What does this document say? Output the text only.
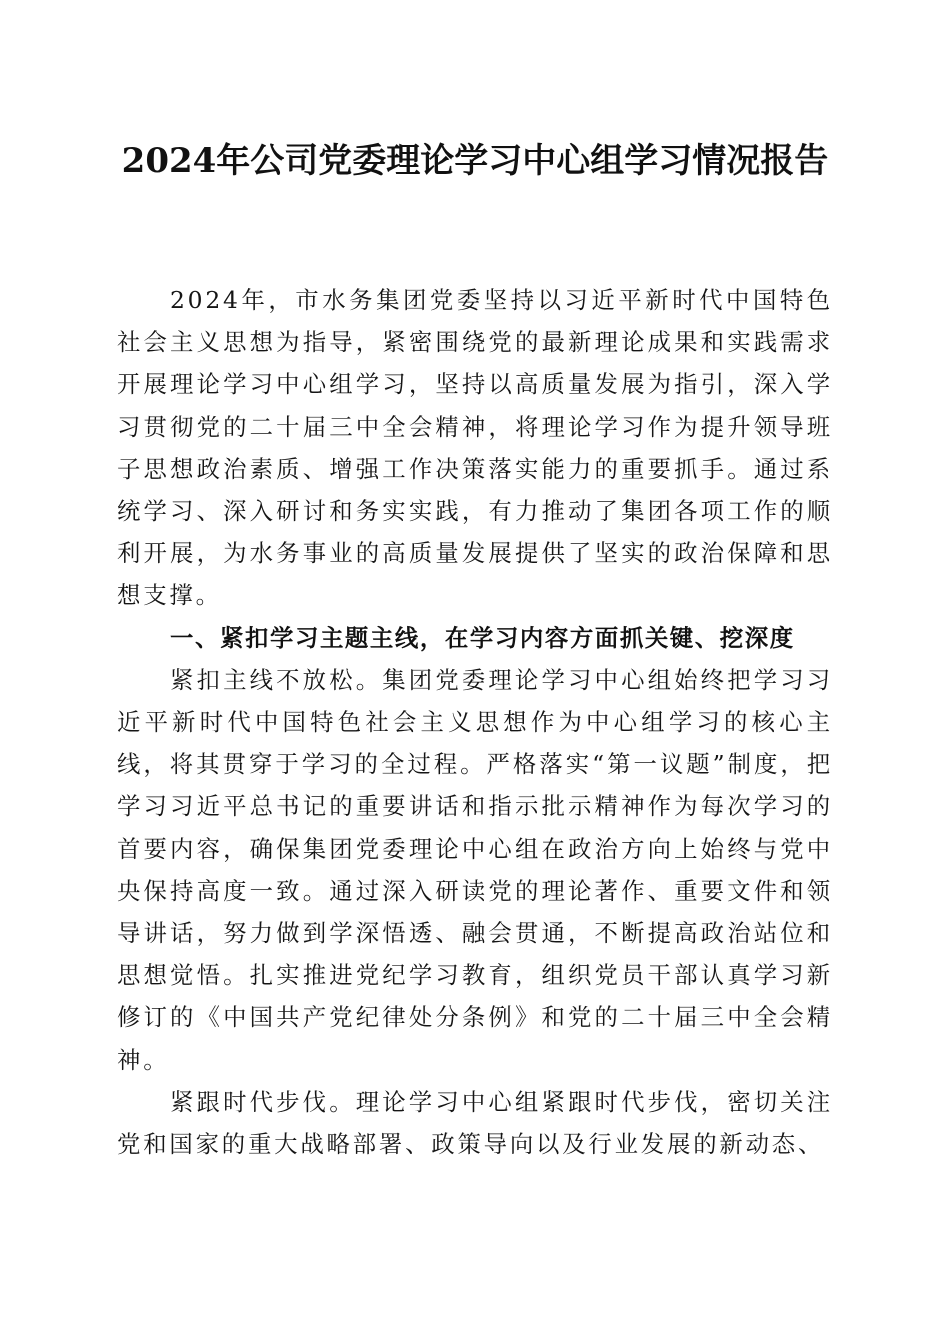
2024年公司党委理论学习中心组学习情况报告

2024年，市水务集团党委坚持以习近平新时代中国特色社会主义思想为指导，紧密围绕党的最新理论成果和实践需求开展理论学习中心组学习，坚持以高质量发展为指引，深入学习贯彻党的二十届三中全会精神，将理论学习作为提升领导班子思想政治素质、增强工作决策落实能力的重要抓手。通过系统学习、深入研讨和务实实践，有力推动了集团各项工作的顺利开展，为水务事业的高质量发展提供了坚实的政治保障和思想支撑。

一、紧扣学习主题主线，在学习内容方面抓关键、挖深度

紧扣主线不放松。集团党委理论学习中心组始终把学习习近平新时代中国特色社会主义思想作为中心组学习的核心主线，将其贯穿于学习的全过程。严格落实“第一议题”制度，把学习习近平总书记的重要讲话和指示批示精神作为每次学习的首要内容，确保集团党委理论中心组在政治方向上始终与党中央保持高度一致。通过深入研读党的理论著作、重要文件和领导讲话，努力做到学深悟透、融会贯通，不断提高政治站位和思想觉悟。扎实推进党纪学习教育，组织党员干部认真学习新修订的《中国共产党纪律处分条例》和党的二十届三中全会精神。

紧跟时代步伐。理论学习中心组紧跟时代步伐，密切关注党和国家的重大战略部署、政策导向以及行业发展的新动态、
